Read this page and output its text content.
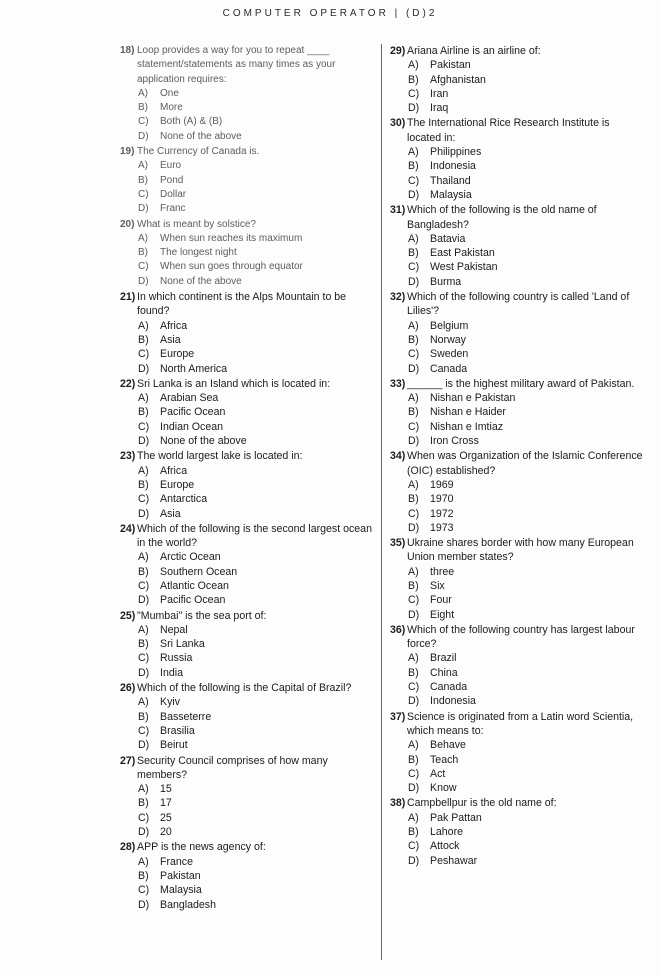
COMPUTER OPERATOR | (D)2
18) Loop provides a way for you to repeat ____ statement/statements as many times as your application requires:
A)	One
B)	More
C)	Both (A) & (B)
D)	None of the above
19) The Currency of Canada is.
A)	Euro
B)	Pond
C)	Dollar
D)	Franc
20) What is meant by solstice?
A)	When sun reaches its maximum
B)	The longest night
C)	When sun goes through equator
D)	None of the above
21) In which continent is the Alps Mountain to be found?
A)	Africa
B)	Asia
C)	Europe
D)	North America
22) Sri Lanka is an Island which is located in:
A)	Arabian Sea
B)	Pacific Ocean
C)	Indian Ocean
D)	None of the above
23) The world largest lake is located in:
A)	Africa
B)	Europe
C)	Antarctica
D)	Asia
24) Which of the following is the second largest ocean in the world?
A)	Arctic Ocean
B)	Southern Ocean
C)	Atlantic Ocean
D)	Pacific Ocean
25) "Mumbai" is the sea port of:
A)	Nepal
B)	Sri Lanka
C)	Russia
D)	India
26) Which of the following is the Capital of Brazil?
A)	Kyiv
B)	Basseterre
C)	Brasilia
D)	Beirut
27) Security Council comprises of how many members?
A)	15
B)	17
C)	25
D)	20
28) APP is the news agency of:
A)	France
B)	Pakistan
C)	Malaysia
D)	Bangladesh
29) Ariana Airline is an airline of:
A)	Pakistan
B)	Afghanistan
C)	Iran
D)	Iraq
30) The International Rice Research Institute is located in:
A)	Philippines
B)	Indonesia
C)	Thailand
D)	Malaysia
31) Which of the following is the old name of Bangladesh?
A)	Batavia
B)	East Pakistan
C)	West Pakistan
D)	Burma
32) Which of the following country is called 'Land of Lilies'?
A)	Belgium
B)	Norway
C)	Sweden
D)	Canada
33) ______ is the highest military award of Pakistan.
A)	Nishan e Pakistan
B)	Nishan e Haider
C)	Nishan e Imtiaz
D)	Iron Cross
34) When was Organization of the Islamic Conference (OIC) established?
A)	1969
B)	1970
C)	1972
D)	1973
35) Ukraine shares border with how many European Union member states?
A)	three
B)	Six
C)	Four
D)	Eight
36) Which of the following country has largest labour force?
A)	Brazil
B)	China
C)	Canada
D)	Indonesia
37) Science is originated from a Latin word Scientia, which means to:
A)	Behave
B)	Teach
C)	Act
D)	Know
38) Campbellpur is the old name of:
A)	Pak Pattan
B)	Lahore
C)	Attock
D)	Peshawar
